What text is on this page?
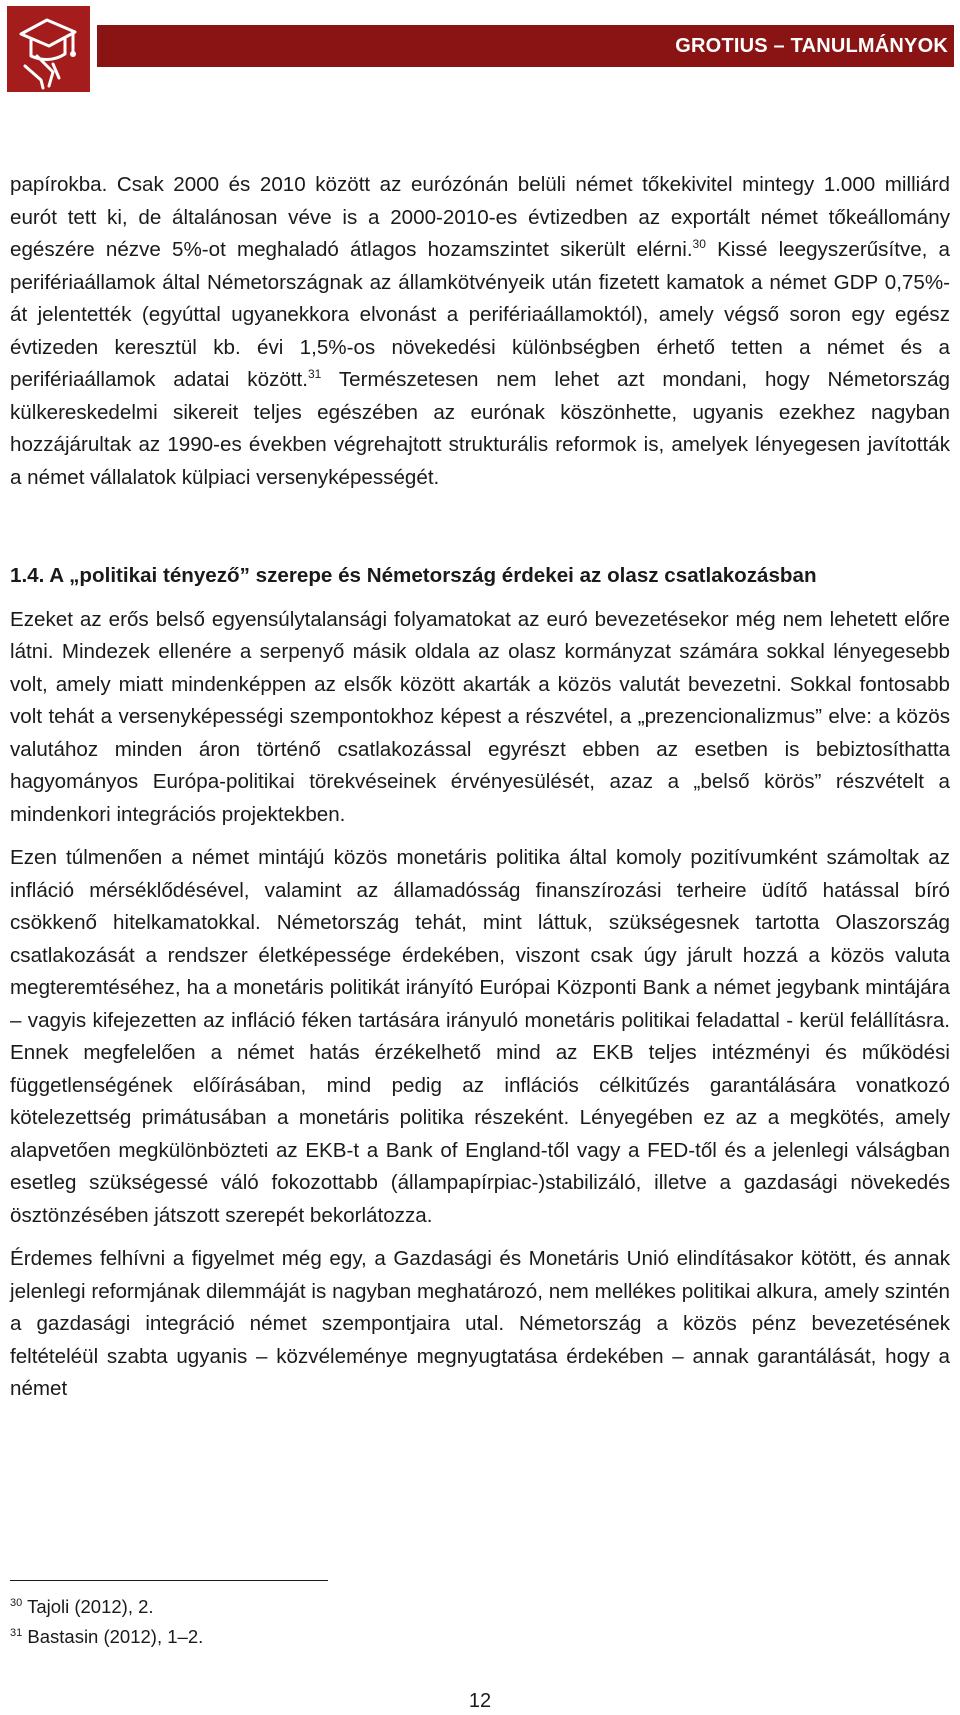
GROTIUS – TANULMÁNYOK

papírokba. Csak 2000 és 2010 között az eurózónán belüli német tőkekivitel mintegy 1.000 milliárd eurót tett ki, de általánosan véve is a 2000-2010-es évtizedben az exportált német tőkeállomány egészére nézve 5%-ot meghaladó átlagos hozamszintet sikerült elérni.$^{30}$ Kissé leegyszerűsítve, a perifériaállamok által Németországnak az államkötvényeik után fizetett kamatok a német GDP 0,75%-át jelentették (egyúttal ugyanekkora elvonást a perifériaállamoktól), amely végső soron egy egész évtizeden keresztül kb. évi 1,5%-os növekedési különbségben érhető tetten a német és a perifériaállamok adatai között.$^{31}$ Természetesen nem lehet azt mondani, hogy Németország külkereskedelmi sikereit teljes egészében az eurónak köszönhette, ugyanis ezekhez nagyban hozzájárultak az 1990-es években végrehajtott strukturális reformok is, amelyek lényegesen javították a német vállalatok külpiaci versenyképességét.

1.4. A „politikai tényező” szerepe és Németország érdekei az olasz csatlakozásban

Ezeket az erős belső egyensúlytalansági folyamatokat az euró bevezetésekor még nem lehetett előre látni. Mindezek ellenére a serpenyő másik oldala az olasz kormányzat számára sokkal lényegesebb volt, amely miatt mindenképpen az elsők között akarták a közös valutát bevezetni. Sokkal fontosabb volt tehát a versenyképességi szempontokhoz képest a részvétel, a „prezencionalizmus” elve: a közös valutához minden áron történő csatlakozással egyrészt ebben az esetben is bebiztosíthatta hagyományos Európa-politikai törekvéseinek érvényesülését, azaz a „belső körös” részvételt a mindenkori integrációs projektekben.

Ezen túlmenően a német mintájú közös monetáris politika által komoly pozitívumként számoltak az infláció mérséklődésével, valamint az államadósság finanszírozási terheire üdítő hatással bíró csökkenő hitelkamatokkal. Németország tehát, mint láttuk, szükségesnek tartotta Olaszország csatlakozását a rendszer életképessége érdekében, viszont csak úgy járult hozzá a közös valuta megteremtéséhez, ha a monetáris politikát irányító Európai Központi Bank a német jegybank mintájára – vagyis kifejezetten az infláció féken tartására irányuló monetáris politikai feladattal - kerül felállításra. Ennek megfelelően a német hatás érzékelhető mind az EKB teljes intézményi és működési függetlenségének előírásában, mind pedig az inflációs célkitűzés garantálására vonatkozó kötelezettség primátusában a monetáris politika részeként. Lényegében ez az a megkötés, amely alapvetően megkülönbözteti az EKB-t a Bank of England-től vagy a FED-től és a jelenlegi válságban esetleg szükségessé váló fokozottabb (állampapírpiac-)stabilizáló, illetve a gazdasági növekedés ösztönzésében játszott szerepét bekorlátozza.

Érdemes felhívni a figyelmet még egy, a Gazdasági és Monetáris Unió elindításakor kötött, és annak jelenlegi reformjának dilemmáját is nagyban meghatározó, nem mellékes politikai alkura, amely szintén a gazdasági integráció német szempontjaira utal. Németország a közös pénz bevezetésének feltételéül szabta ugyanis – közvéleménye megnyugtatása érdekében – annak garantálását, hogy a német

$^{30}$ Tajoli (2012), 2.
$^{31}$ Bastasin (2012), 1–2.
12
